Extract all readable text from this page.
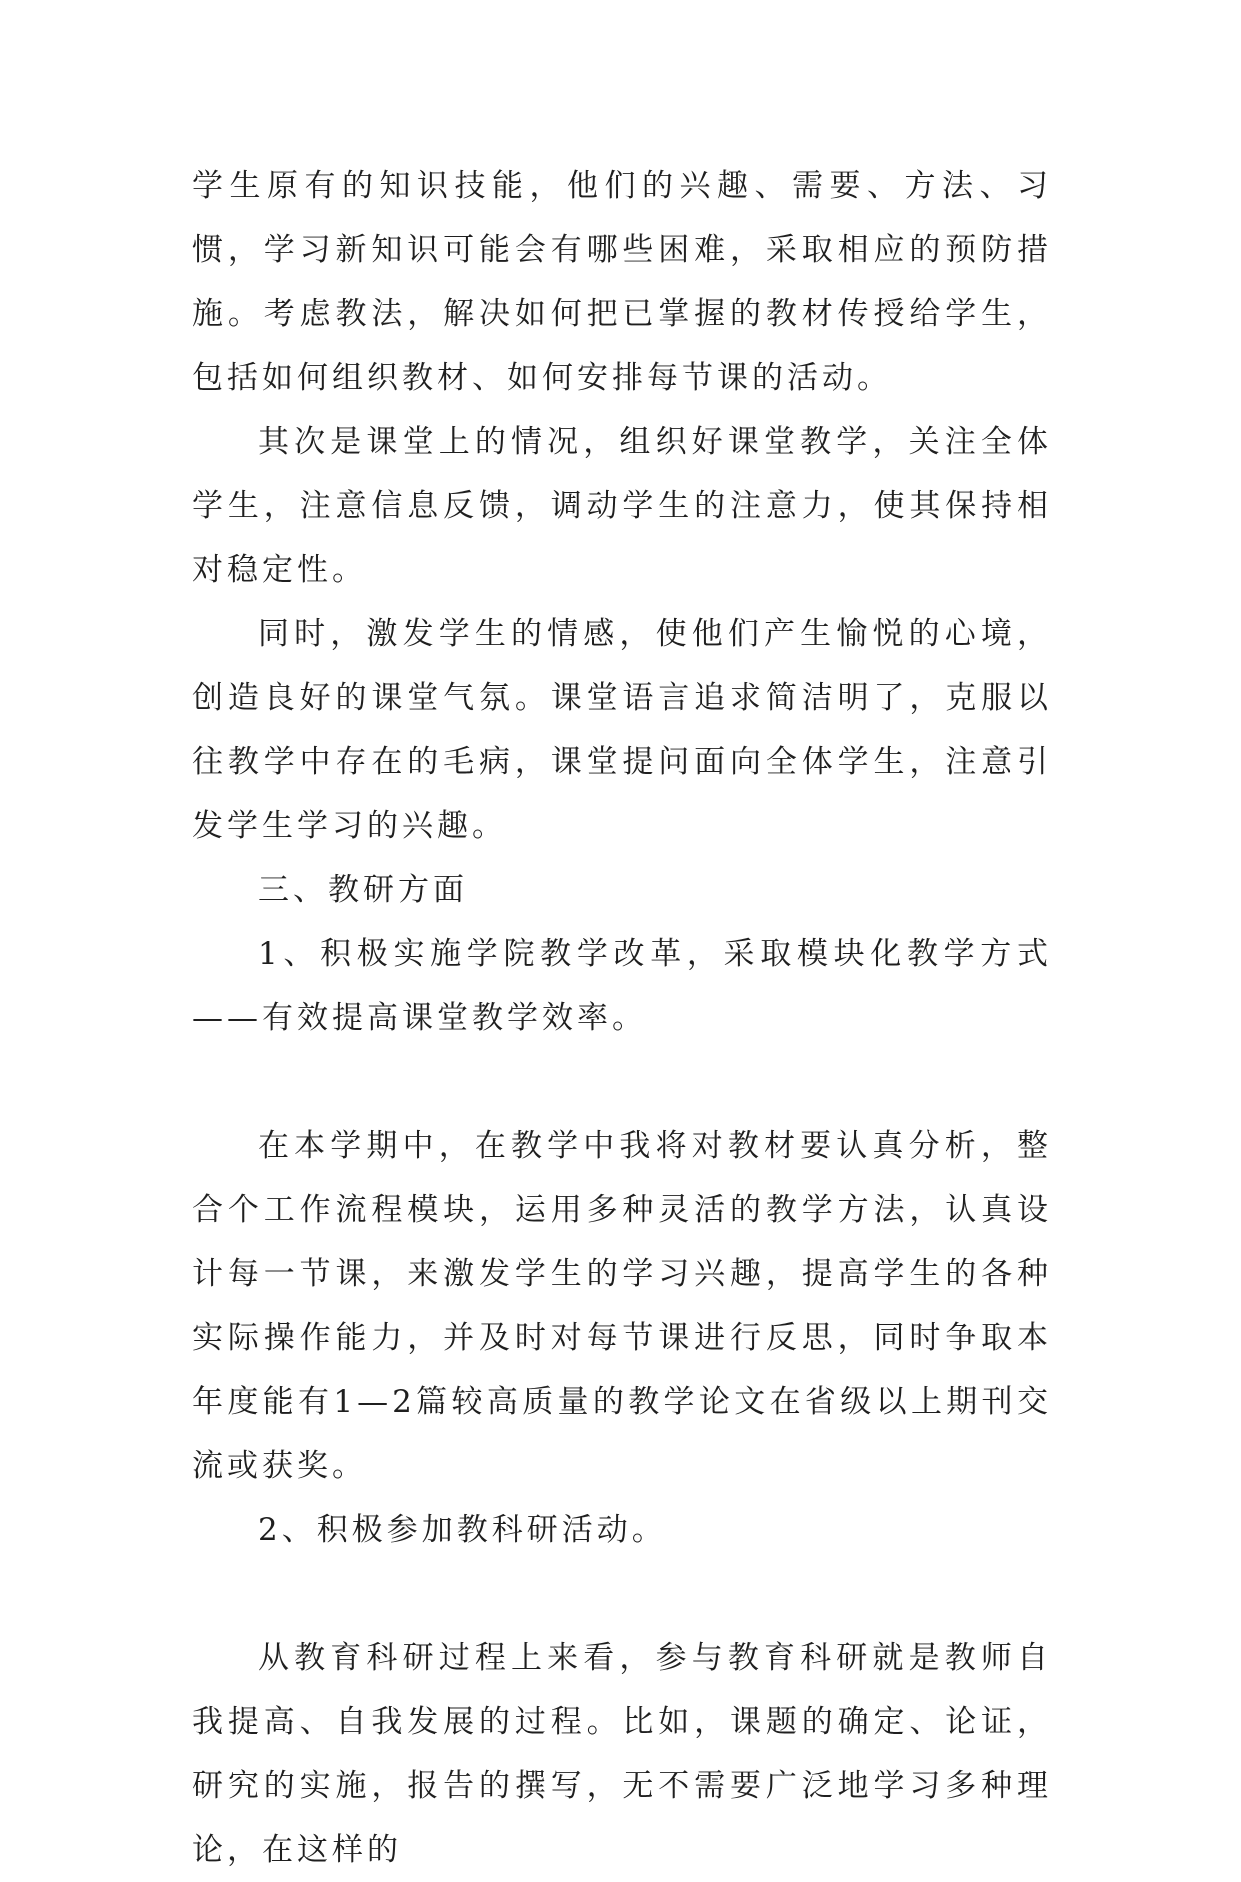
学生原有的知识技能，他们的兴趣、需要、方法、习惯，学习新知识可能会有哪些困难，采取相应的预防措施。考虑教法，解决如何把已掌握的教材传授给学生，包括如何组织教材、如何安排每节课的活动。

其次是课堂上的情况，组织好课堂教学，关注全体学生，注意信息反馈，调动学生的注意力，使其保持相对稳定性。

同时，激发学生的情感，使他们产生愉悦的心境，创造良好的课堂气氛。课堂语言追求简洁明了，克服以往教学中存在的毛病，课堂提问面向全体学生，注意引发学生学习的兴趣。

三、教研方面

1、积极实施学院教学改革，采取模块化教学方式——有效提高课堂教学效率。

在本学期中，在教学中我将对教材要认真分析，整合个工作流程模块，运用多种灵活的教学方法，认真设计每一节课，来激发学生的学习兴趣，提高学生的各种实际操作能力，并及时对每节课进行反思，同时争取本年度能有1—2篇较高质量的教学论文在省级以上期刊交流或获奖。

2、积极参加教科研活动。

从教育科研过程上来看，参与教育科研就是教师自我提高、自我发展的过程。比如，课题的确定、论证，研究的实施，报告的撰写，无不需要广泛地学习多种理论，在这样的
